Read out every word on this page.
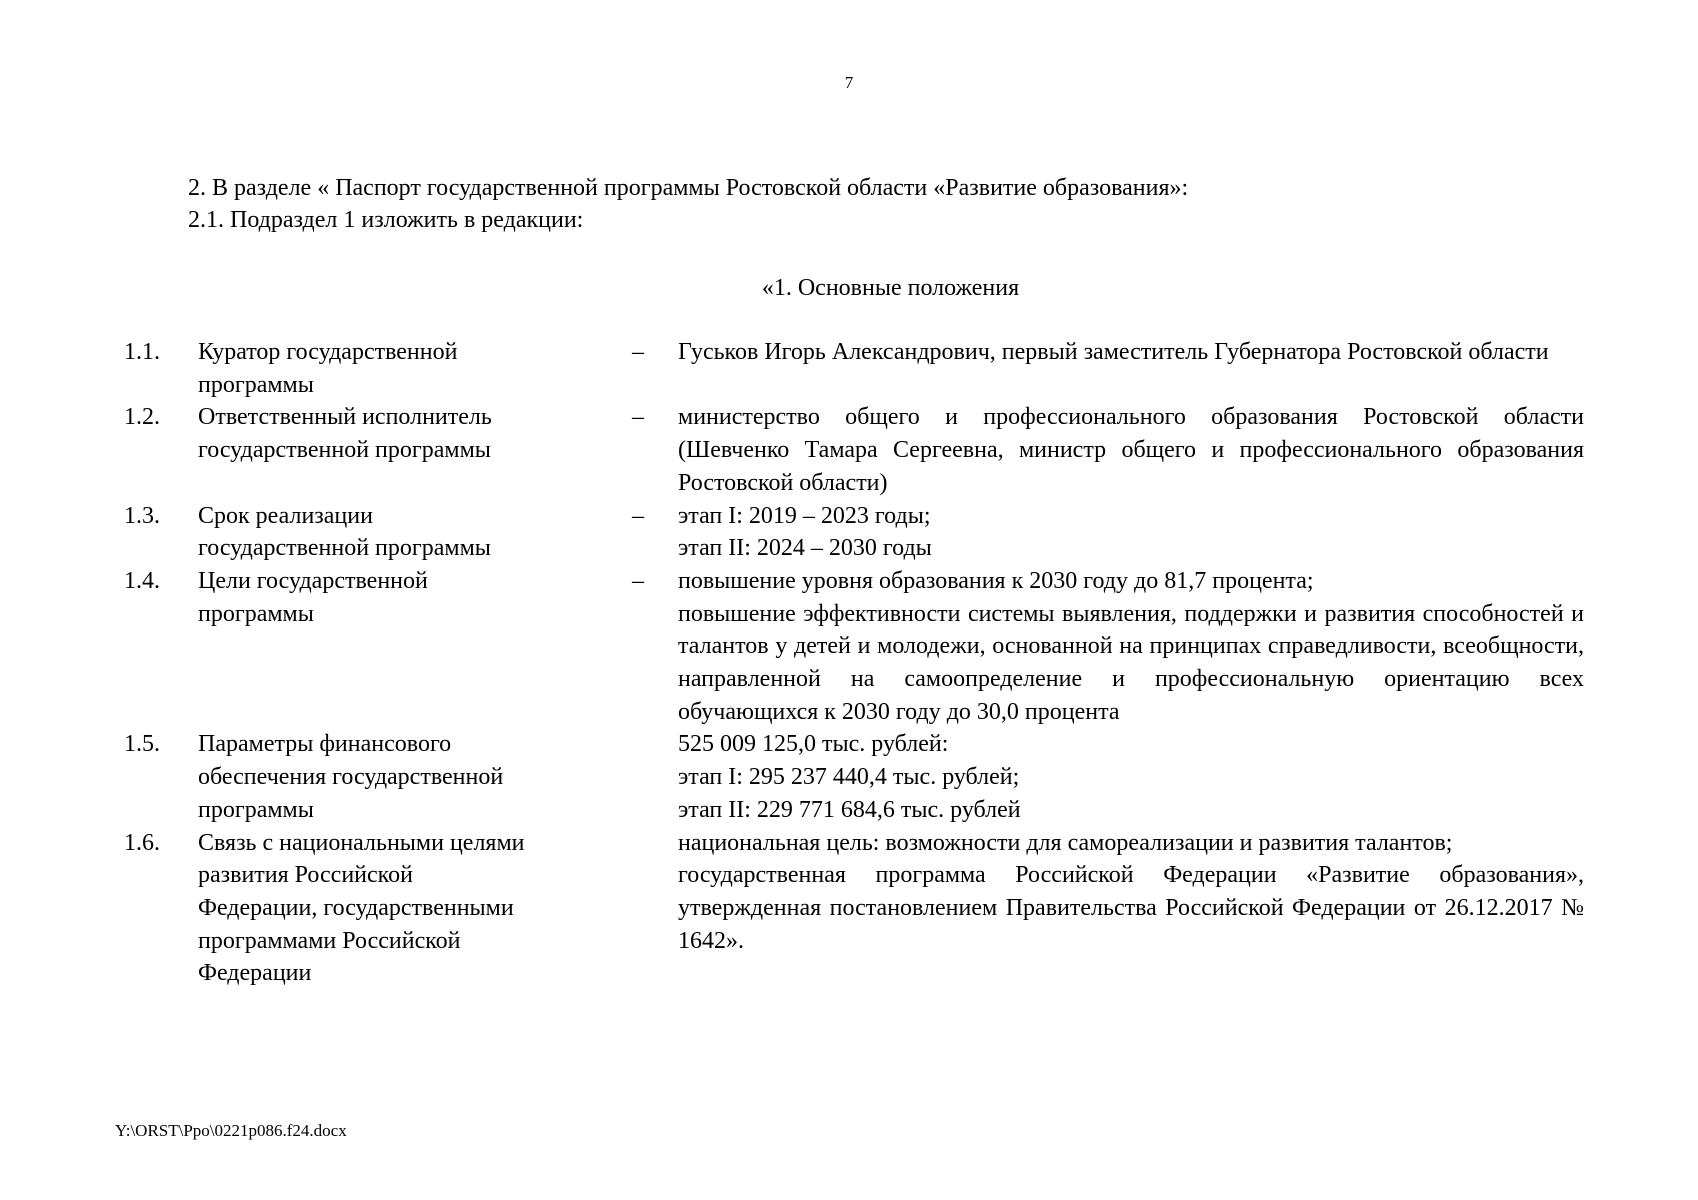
7
2. В разделе « Паспорт государственной программы Ростовской области «Развитие образования»:
2.1. Подраздел 1 изложить в редакции:
«1. Основные положения
1.1.	Куратор государственной
программы
–	Гуськов Игорь Александрович, первый заместитель Губернатора Ростовской области

1.2.	Ответственный исполнитель
государственной программы
–	министерство общего и профессионального образования Ростовской области (Шевченко Тамара Сергеевна, министр общего и профессионального образования Ростовской области)

1.3.	Срок реализации
государственной программы
–	этап I: 2019 – 2023 годы;

этап II: 2024 – 2030 годы

1.4.	Цели государственной
программы
–	повышение уровня образования к 2030 году до 81,7 процента;

повышение эффективности системы выявления, поддержки и развития способностей и талантов у детей и молодежи, основанной на принципах справедливости, всеобщности, направленной на самоопределение и профессиональную ориентацию всех обучающихся к 2030 году до 30,0 процента

1.5.	Параметры финансового
обеспечения государственной
программы

525 009 125,0 тыс. рублей:

этап I: 295 237 440,4 тыс. рублей;

этап II: 229 771 684,6 тыс. рублей

1.6.	Связь с национальными целями
развития Российской
Федерации, государственными
программами Российской
Федерации

национальная цель: возможности для самореализации и развития талантов;

государственная программа Российской Федерации «Развитие образования», утвержденная постановлением Правительства Российской Федерации от 26.12.2017 № 1642».

Y:\ORST\Ppo\0221p086.f24.docx
